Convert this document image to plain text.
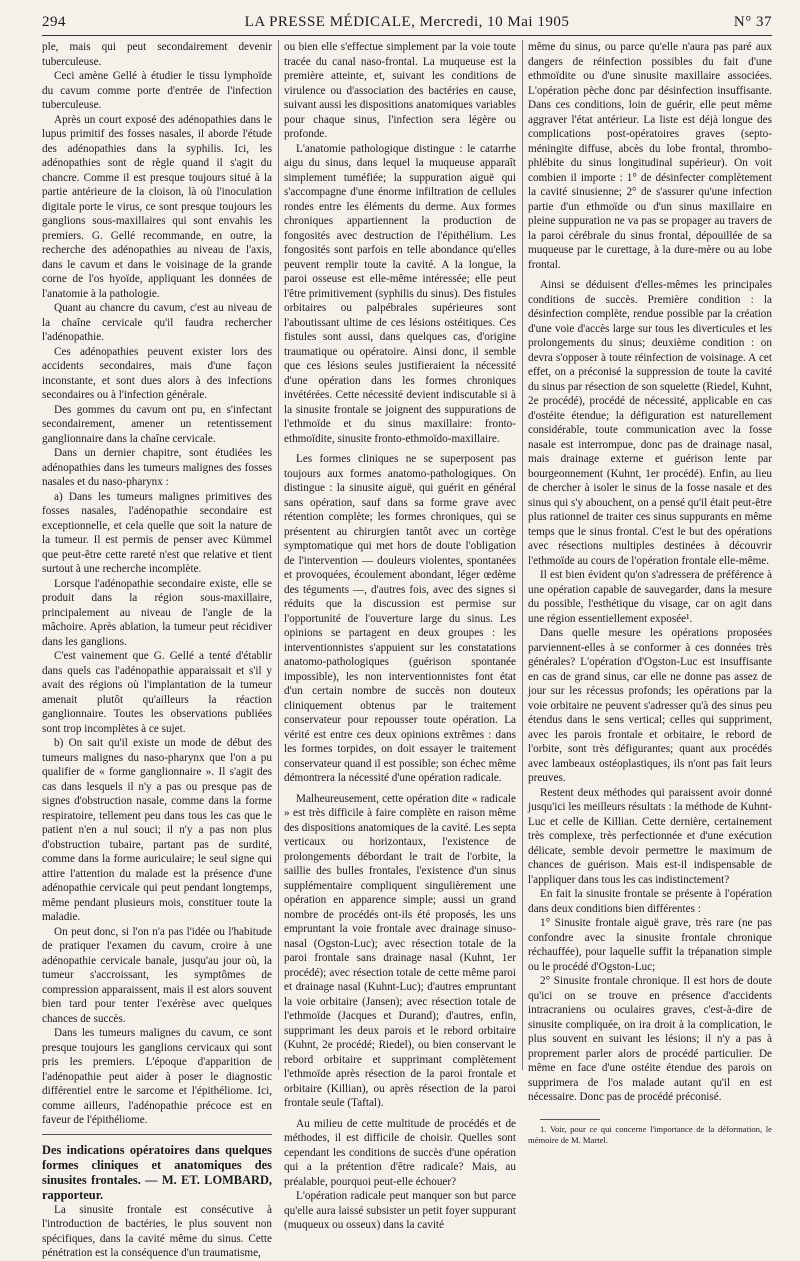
294	LA PRESSE MÉDICALE, Mercredi, 10 Mai 1905	N° 37

ple, mais qui peut secondairement devenir tuberculeuse.

Ceci amène Gellé à étudier le tissu lymphoïde du cavum comme porte d'entrée de l'infection tuberculeuse.

Après un court exposé des adénopathies dans le lupus primitif des fosses nasales, il aborde l'étude des adénopathies dans la syphilis. Ici, les adénopathies sont de règle quand il s'agit du chancre. Comme il est presque toujours situé à la partie antérieure de la cloison, là où l'inoculation digitale porte le virus, ce sont presque toujours les ganglions sous-maxillaires qui sont envahis les premiers. G. Gellé recommande, en outre, la recherche des adénopathies au niveau de l'axis, dans le cavum et dans le voisinage de la grande corne de l'os hyoïde, appliquant les données de l'anatomie à la pathologie.

Quant au chancre du cavum, c'est au niveau de la chaîne cervicale qu'il faudra rechercher l'adénopathie.

Ces adénopathies peuvent exister lors des accidents secondaires, mais d'une façon inconstante, et sont dues alors à des infections secondaires ou à l'infection générale.

Des gommes du cavum ont pu, en s'infectant secondairement, amener un retentissement ganglionnaire dans la chaîne cervicale.

Dans un dernier chapitre, sont étudiées les adénopathies dans les tumeurs malignes des fosses nasales et du naso-pharynx :

a) Dans les tumeurs malignes primitives des fosses nasales, l'adénopathie secondaire est exceptionnelle, et cela quelle que soit la nature de la tumeur. Il est permis de penser avec Kümmel que peut-être cette rareté n'est que relative et tient surtout à une recherche incomplète.

Lorsque l'adénopathie secondaire existe, elle se produit dans la région sous-maxillaire, principalement au niveau de l'angle de la mâchoire. Après ablation, la tumeur peut récidiver dans les ganglions.

C'est vainement que G. Gellé a tenté d'établir dans quels cas l'adénopathie apparaissait et s'il y avait des régions où l'implantation de la tumeur amenait plutôt qu'ailleurs la réaction ganglionnaire. Toutes les observations publiées sont trop incomplètes à ce sujet.

b) On sait qu'il existe un mode de début des tumeurs malignes du naso-pharynx que l'on a pu qualifier de « forme ganglionnaire ». Il s'agit des cas dans lesquels il n'y a pas ou presque pas de signes d'obstruction nasale, comme dans la forme respiratoire, tellement peu dans tous les cas que le patient n'en a nul souci; il n'y a pas non plus d'obstruction tubaire, partant pas de surdité, comme dans la forme auriculaire; le seul signe qui attire l'attention du malade est la présence d'une adénopathie cervicale qui peut pendant longtemps, même pendant plusieurs mois, constituer toute la maladie.

On peut donc, si l'on n'a pas l'idée ou l'habitude de pratiquer l'examen du cavum, croire à une adénopathie cervicale banale, jusqu'au jour où, la tumeur s'accroissant, les symptômes de compression apparaissent, mais il est alors souvent bien tard pour tenter l'exérèse avec quelques chances de succès.

Dans les tumeurs malignes du cavum, ce sont presque toujours les ganglions cervicaux qui sont pris les premiers. L'époque d'apparition de l'adénopathie peut aider à poser le diagnostic différentiel entre le sarcome et l'épithéliome. Ici, comme ailleurs, l'adénopathie précoce est en faveur de l'épithéliome.

Des indications opératoires dans quelques formes cliniques et anatomiques des sinusites frontales. — M. ET. LOMBARD, rapporteur.

La sinusite frontale est consécutive à l'introduction de bactéries, le plus souvent non spécifiques, dans la cavité même du sinus. Cette pénétration est la conséquence d'un traumatisme,

ou bien elle s'effectue simplement par la voie toute tracée du canal naso-frontal. La muqueuse est la première atteinte, et, suivant les conditions de virulence ou d'association des bactéries en cause, suivant aussi les dispositions anatomiques variables pour chaque sinus, l'infection sera légère ou profonde.

L'anatomie pathologique distingue : le catarrhe aigu du sinus, dans lequel la muqueuse apparaît simplement tuméfiée; la suppuration aiguë qui s'accompagne d'une énorme infiltration de cellules rondes entre les éléments du derme. Aux formes chroniques appartiennent la production de fongosités avec destruction de l'épithélium. Les fongosités sont parfois en telle abondance qu'elles peuvent remplir toute la cavité. A la longue, la paroi osseuse est elle-même intéressée; elle peut l'être primitivement (syphilis du sinus). Des fistules orbitaires ou palpébrales supérieures sont l'aboutissant ultime de ces lésions ostéitiques. Ces fistules sont aussi, dans quelques cas, d'origine traumatique ou opératoire. Ainsi donc, il semble que ces lésions seules justifieraient la nécessité d'une opération dans les formes chroniques invétérées. Cette nécessité devient indiscutable si à la sinusite frontale se joignent des suppurations de l'ethmoïde et du sinus maxillaire: fronto-ethmoïdite, sinusite fronto-ethmoïdo-maxillaire.

Les formes cliniques ne se superposent pas toujours aux formes anatomo-pathologiques. On distingue : la sinusite aiguë, qui guérit en général sans opération, sauf dans sa forme grave avec rétention complète; les formes chroniques, qui se présentent au chirurgien tantôt avec un cortège symptomatique qui met hors de doute l'obligation de l'intervention — douleurs violentes, spontanées et provoquées, écoulement abondant, léger œdème des téguments —, d'autres fois, avec des signes si réduits que la discussion est permise sur l'opportunité de l'ouverture large du sinus. Les opinions se partagent en deux groupes : les interventionnistes s'appuient sur les constatations anatomo-pathologiques (guérison spontanée impossible), les non interventionnistes font état d'un certain nombre de succès non douteux cliniquement obtenus par le traitement conservateur pour repousser toute opération. La vérité est entre ces deux opinions extrêmes : dans les formes torpides, on doit essayer le traitement conservateur quand il est possible; son échec même démontrera la nécessité d'une opération radicale.

Malheureusement, cette opération dite « radicale » est très difficile à faire complète en raison même des dispositions anatomiques de la cavité. Les septa verticaux ou horizontaux, l'existence de prolongements débordant le trait de l'orbite, la saillie des bulles frontales, l'existence d'un sinus supplémentaire compliquent singulièrement une opération en apparence simple; aussi un grand nombre de procédés ont-ils été proposés, les uns empruntant la voie frontale avec drainage sinuso-nasal (Ogston-Luc); avec résection totale de la paroi frontale sans drainage nasal (Kuhnt, 1er procédé); avec résection totale de cette même paroi et drainage nasal (Kuhnt-Luc); d'autres empruntant la voie orbitaire (Jansen); avec résection totale de l'ethmoïde (Jacques et Durand); d'autres, enfin, supprimant les deux parois et le rebord orbitaire (Kuhnt, 2e procédé; Riedel), ou bien conservant le rebord orbitaire et supprimant complètement l'ethmoïde après résection de la paroi frontale et orbitaire (Killian), ou après résection de la paroi frontale seule (Taftal).

Au milieu de cette multitude de procédés et de méthodes, il est difficile de choisir. Quelles sont cependant les conditions de succès d'une opération qui a la prétention d'être radicale? Mais, au préalable, pourquoi peut-elle échouer?

L'opération radicale peut manquer son but parce qu'elle aura laissé subsister un petit foyer suppurant (muqueux ou osseux) dans la cavité

même du sinus, ou parce qu'elle n'aura pas paré aux dangers de réinfection possibles du fait d'une ethmoïdite ou d'une sinusite maxillaire associées. L'opération pèche donc par désinfection insuffisante. Dans ces conditions, loin de guérir, elle peut même aggraver l'état antérieur. La liste est déjà longue des complications post-opératoires graves (septo-méningite diffuse, abcès du lobe frontal, thrombo-phlébite du sinus longitudinal supérieur). On voit combien il importe : 1° de désinfecter complètement la cavité sinusienne; 2° de s'assurer qu'une infection partie d'un ethmoïde ou d'un sinus maxillaire en pleine suppuration ne va pas se propager au travers de la paroi cérébrale du sinus frontal, dépouillée de sa muqueuse par le curettage, à la dure-mère ou au lobe frontal.

Ainsi se déduisent d'elles-mêmes les principales conditions de succès. Première condition : la désinfection complète, rendue possible par la création d'une voie d'accès large sur tous les diverticules et les prolongements du sinus; deuxième condition : on devra s'opposer à toute réinfection de voisinage. A cet effet, on a préconisé la suppression de toute la cavité du sinus par résection de son squelette (Riedel, Kuhnt, 2e procédé), procédé de nécessité, applicable en cas d'ostéite étendue; la défiguration est naturellement considérable, toute communication avec la fosse nasale est interrompue, donc pas de drainage nasal, mais drainage externe et guérison lente par bourgeonnement (Kuhnt, 1er procédé). Enfin, au lieu de chercher à isoler le sinus de la fosse nasale et des sinus qui s'y abouchent, on a pensé qu'il était peut-être plus rationnel de traiter ces sinus suppurants en même temps que le sinus frontal. C'est le but des opérations avec résections multiples destinées à découvrir l'ethmoïde au cours de l'opération frontale elle-même.

Il est bien évident qu'on s'adressera de préférence à une opération capable de sauvegarder, dans la mesure du possible, l'esthétique du visage, car on agit dans une région essentiellement exposée¹.

Dans quelle mesure les opérations proposées parviennent-elles à se conformer à ces données très générales? L'opération d'Ogston-Luc est insuffisante en cas de grand sinus, car elle ne donne pas assez de jour sur les récessus profonds; les opérations par la voie orbitaire ne peuvent s'adresser qu'à des sinus peu étendus dans le sens vertical; celles qui suppriment, avec les parois frontale et orbitaire, le rebord de l'orbite, sont très défigurantes; quant aux procédés avec lambeaux ostéoplastiques, ils n'ont pas fait leurs preuves.

Restent deux méthodes qui paraissent avoir donné jusqu'ici les meilleurs résultats : la méthode de Kuhnt-Luc et celle de Killian. Cette dernière, certainement très complexe, très perfectionnée et d'une exécution délicate, semble devoir permettre le maximum de chances de guérison. Mais est-il indispensable de l'appliquer dans tous les cas indistinctement?

En fait la sinusite frontale se présente à l'opération dans deux conditions bien différentes :

1° Sinusite frontale aiguë grave, très rare (ne pas confondre avec la sinusite frontale chronique réchauffée), pour laquelle suffit la trépanation simple ou le procédé d'Ogston-Luc;

2° Sinusite frontale chronique. Il est hors de doute qu'ici on se trouve en présence d'accidents intracraniens ou oculaires graves, c'est-à-dire de sinusite compliquée, on ira droit à la complication, le plus souvent en suivant les lésions; il n'y a pas à proprement parler alors de procédé particulier. De même en face d'une ostéite étendue des parois on supprimera de l'os malade autant qu'il en est nécessaire. Donc pas de procédé préconisé.

1. Voir, pour ce qui concerne l'importance de la déformation, le mémoire de M. Martel.
